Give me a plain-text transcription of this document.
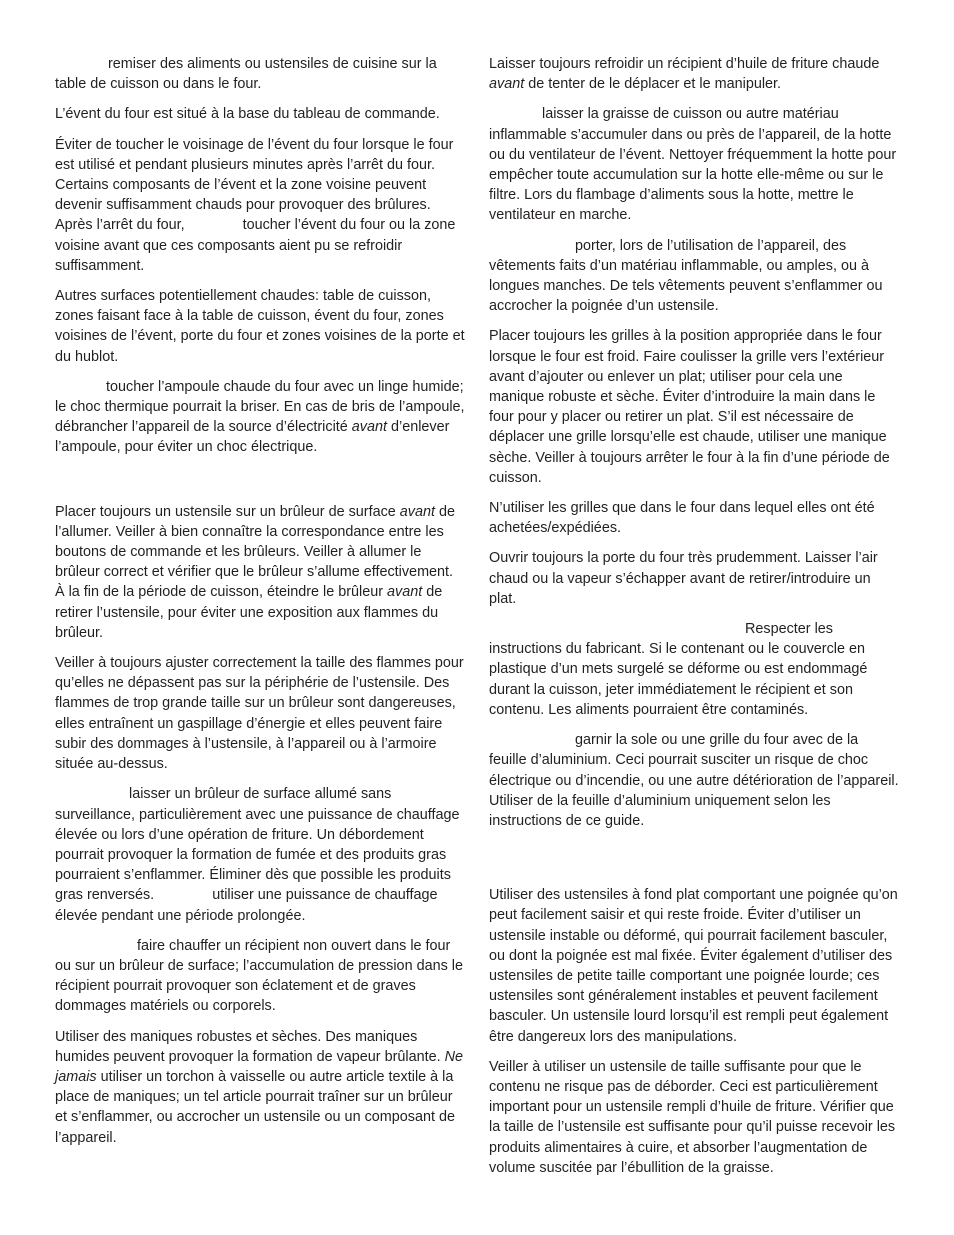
remiser des aliments ou ustensiles de cuisine sur la table de cuisson ou dans le four.

L’évent du four est situé à la base du tableau de commande.

Éviter de toucher le voisinage de l’évent du four lorsque le four est utilisé et pendant plusieurs minutes après l’arrêt du four. Certains composants de l’évent et la zone voisine peuvent devenir suffisamment chauds pour provoquer des brûlures. Après l’arrêt du four,	toucher l’évent du four ou la zone voisine avant que ces composants aient pu se refroidir suffisamment.

Autres surfaces potentiellement chaudes: table de cuisson, zones faisant face à la table de cuisson, évent du four, zones voisines de l’évent, porte du four et zones voisines de la porte et du hublot.

toucher l’ampoule chaude du four avec un linge humide; le choc thermique pourrait la briser. En cas de bris de l’ampoule, débrancher l’appareil de la source d’électricité avant d’enlever l’ampoule, pour éviter un choc électrique.

Placer toujours un ustensile sur un brûleur de surface avant de l’allumer. Veiller à bien connaître la correspondance entre les boutons de commande et les brûleurs. Veiller à allumer le brûleur correct et vérifier que le brûleur s’allume effectivement. À la fin de la période de cuisson, éteindre le brûleur avant de retirer l’ustensile, pour éviter une exposition aux flammes du brûleur.

Veiller à toujours ajuster correctement la taille des flammes pour qu’elles ne dépassent pas sur la périphérie de l’ustensile. Des flammes de trop grande taille sur un brûleur sont dangereuses, elles entraînent un gaspillage d’énergie et elles peuvent faire subir des dommages à l’ustensile, à l’appareil ou à l’armoire située au-dessus.

laisser un brûleur de surface allumé sans surveillance, particulièrement avec une puissance de chauffage élevée ou lors d’une opération de friture. Un débordement pourrait provoquer la formation de fumée et des produits gras pourraient s’enflammer. Éliminer dès que possible les produits gras renversés.	utiliser une puissance de chauffage élevée pendant une période prolongée.

faire chauffer un récipient non ouvert dans le four ou sur un brûleur de surface; l’accumulation de pression dans le récipient pourrait provoquer son éclatement et de graves dommages matériels ou corporels.

Utiliser des maniques robustes et sèches. Des maniques humides peuvent provoquer la formation de vapeur brûlante. Ne jamais utiliser un torchon à vaisselle ou autre article textile à la place de maniques; un tel article pourrait traîner sur un brûleur et s’enflammer, ou accrocher un ustensile ou un composant de l’appareil.

Laisser toujours refroidir un récipient d’huile de friture chaude avant de tenter de le déplacer et le manipuler.

laisser la graisse de cuisson ou autre matériau inflammable s’accumuler dans ou près de l’appareil, de la hotte ou du ventilateur de l’évent. Nettoyer fréquemment la hotte pour empêcher toute accumulation sur la hotte elle-même ou sur le filtre. Lors du flambage d’aliments sous la hotte, mettre le ventilateur en marche.

porter, lors de l’utilisation de l’appareil, des vêtements faits d’un matériau inflammable, ou amples, ou à longues manches. De tels vêtements peuvent s’enflammer ou accrocher la poignée d’un ustensile.

Placer toujours les grilles à la position appropriée dans le four lorsque le four est froid. Faire coulisser la grille vers l’extérieur avant d’ajouter ou enlever un plat; utiliser pour cela une manique robuste et sèche. Éviter d’introduire la main dans le four pour y placer ou retirer un plat. S’il est nécessaire de déplacer une grille lorsqu’elle est chaude, utiliser une manique sèche. Veiller à toujours arrêter le four à la fin d’une période de cuisson.

N’utiliser les grilles que dans le four dans lequel elles ont été achetées/expédiées.

Ouvrir toujours la porte du four très prudemment. Laisser l’air chaud ou la vapeur s’échapper avant de retirer/introduire un plat.

Respecter les instructions du fabricant. Si le contenant ou le couvercle en plastique d’un mets surgelé se déforme ou est endommagé durant la cuisson, jeter immédiatement le récipient et son contenu. Les aliments pourraient être contaminés.

garnir la sole ou une grille du four avec de la feuille d’aluminium. Ceci pourrait susciter un risque de choc électrique ou d’incendie, ou une autre détérioration de l’appareil. Utiliser de la feuille d’aluminium uniquement selon les instructions de ce guide.

Utiliser des ustensiles à fond plat comportant une poignée qu’on peut facilement saisir et qui reste froide. Éviter d’utiliser un ustensile instable ou déformé, qui pourrait facilement basculer, ou dont la poignée est mal fixée. Éviter également d’utiliser des ustensiles de petite taille comportant une poignée lourde; ces ustensiles sont généralement instables et peuvent facilement basculer. Un ustensile lourd lorsqu’il est rempli peut également être dangereux lors des manipulations.

Veiller à utiliser un ustensile de taille suffisante pour que le contenu ne risque pas de déborder. Ceci est particulièrement important pour un ustensile rempli d’huile de friture. Vérifier que la taille de l’ustensile est suffisante pour qu’il puisse recevoir les produits alimentaires à cuire, et absorber l’augmentation de volume suscitée par l’ébullition de la graisse.
